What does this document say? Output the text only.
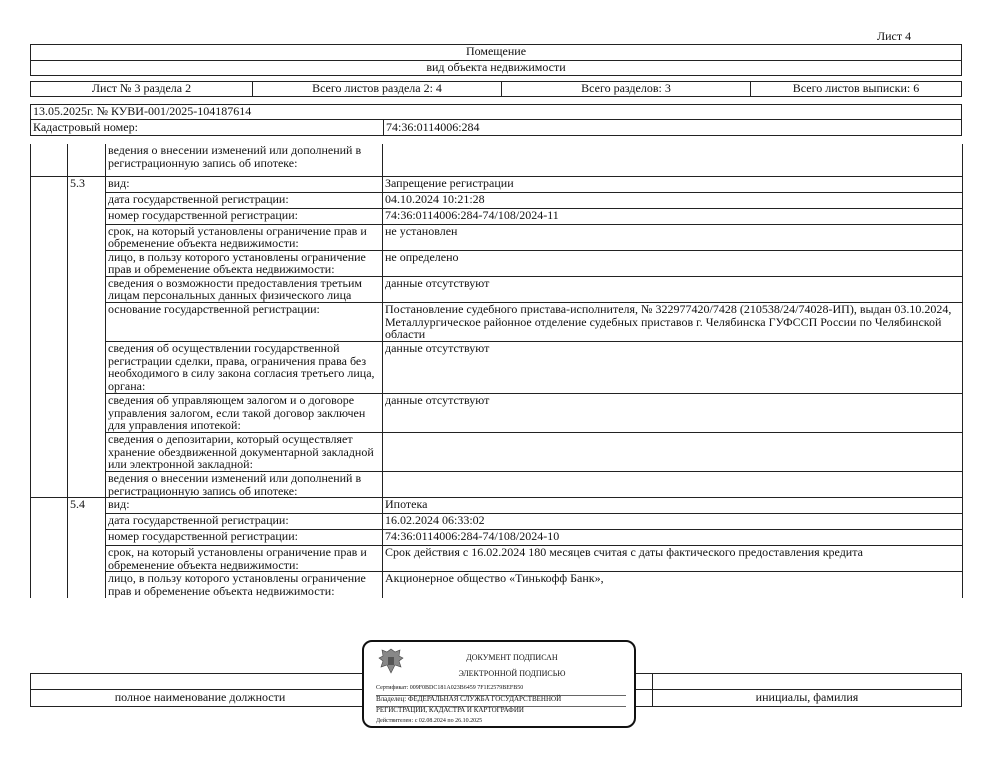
Лист 4
Помещение
вид объекта недвижимости
Лист № 3 раздела 2	Всего листов раздела 2: 4	Всего разделов: 3	Всего листов выписки: 6
13.05.2025г. № КУВИ-001/2025-104187614
Кадастровый номер:	74:36:0114006:284
		ведения о внесении изменений или дополнений в регистрационную запись об ипотеке:	
	5.3	вид:	Запрещение регистрации
		дата государственной регистрации:	04.10.2024 10:21:28
		номер государственной регистрации:	74:36:0114006:284-74/108/2024-11
		срок, на который установлены ограничение прав и обременение объекта недвижимости:	не установлен
		лицо, в пользу которого установлены ограничение прав и обременение объекта недвижимости:	не определено
		сведения о возможности предоставления третьим лицам персональных данных физического лица	данные отсутствуют
		основание государственной регистрации:	Постановление судебного пристава-исполнителя, № 322977420/7428 (210538/24/74028-ИП), выдан 03.10.2024, Металлургическое районное отделение судебных приставов г. Челябинска ГУФССП России по Челябинской области
		сведения об осуществлении государственной регистрации сделки, права, ограничения права без необходимого в силу закона согласия третьего лица, органа:	данные отсутствуют
		сведения об управляющем залогом и о договоре управления залогом, если такой договор заключен для управления ипотекой:	данные отсутствуют
		сведения о депозитарии, который осуществляет хранение обездвиженной документарной закладной или электронной закладной:	
		ведения о внесении изменений или дополнений в регистрационную запись об ипотеке:	
	5.4	вид:	Ипотека
		дата государственной регистрации:	16.02.2024 06:33:02
		номер государственной регистрации:	74:36:0114006:284-74/108/2024-10
		срок, на который установлены ограничение прав и обременение объекта недвижимости:	Срок действия с 16.02.2024 180 месяцев считая с даты фактического предоставления кредита
		лицо, в пользу которого установлены ограничение прав и обременение объекта недвижимости:	Акционерное общество «Тинькофф Банк»,
полное наименование должности	инициалы, фамилия
ДОКУМЕНТ ПОДПИСАН
ЭЛЕКТРОННОЙ ПОДПИСЬЮ
Сертификат: 009F0BDC181A023B6459 7F1E2579BEFB50
Владелец: ФЕДЕРАЛЬНАЯ СЛУЖБА ГОСУДАРСТВЕННОЙ
РЕГИСТРАЦИИ, КАДАСТРА И КАРТОГРАФИИ
Действителен: с 02.08.2024 по 26.10.2025
